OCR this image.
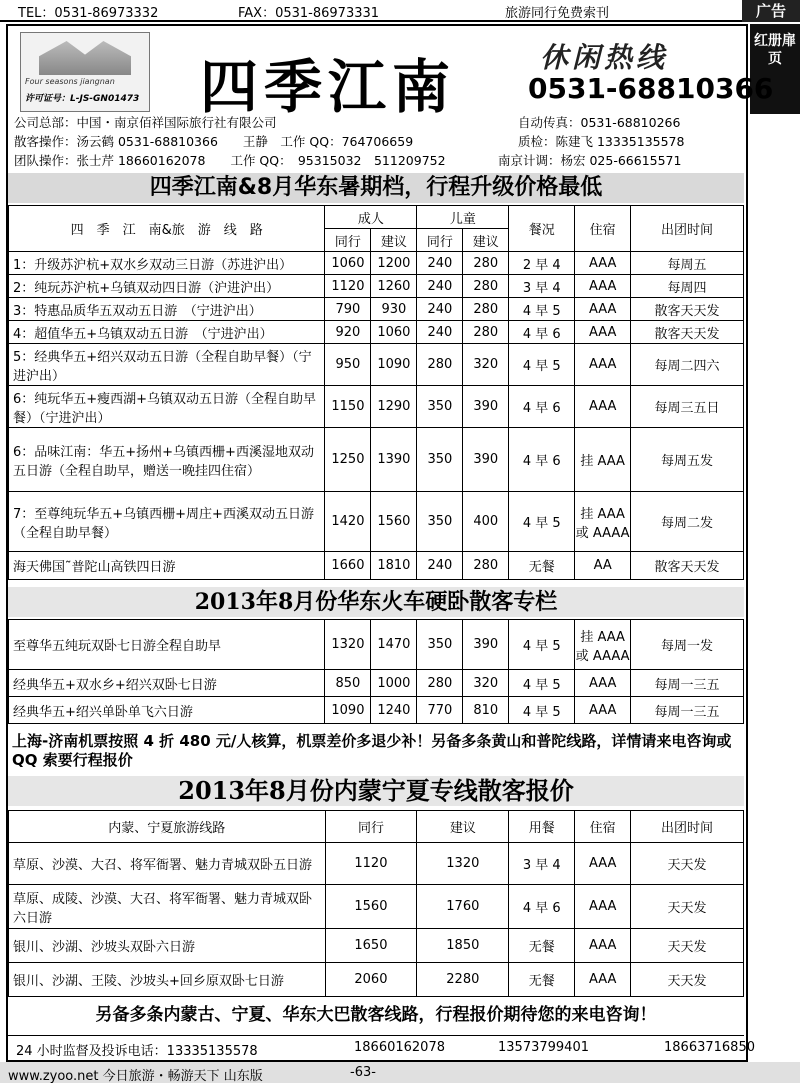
TEL：0531-86973332	FAX：0531-86973331	旅游同行免费索刊	广告
红册扉页
Four seasons jiangnan
许可证号：L-JS-GN01473 四季江南	休闲热线
0531-68810366
公司总部：中国・南京佰祥国际旅行社有限公司	自动传真：0531-68810266
散客操作：汤云鹤 0531-68810366　　王静　工作 QQ：764706659	质检：陈建飞 13335135578
团队操作：张士芹 18660162078　　工作 QQ：　95315032　511209752	南京计调：杨宏 025-66615571
四季江南&8月华东暑期档，行程升级价格最低
四　季　江　南&旅　游　线　路	成人		儿童		餐况	住宿	出团时间
	同行	建议	同行	建议			
1：升级苏沪杭+双水乡双动三日游（苏进沪出）	1060	1200	240	280	2 早 4	AAA	每周五
2：纯玩苏沪杭+乌镇双动四日游（沪进沪出）	1120	1260	240	280	3 早 4	AAA	每周四
3：特惠品质华五双动五日游　（宁进沪出）	790	930	240	280	4 早 5	AAA	散客天天发
4：超值华五+乌镇双动五日游　（宁进沪出）	920	1060	240	280	4 早 6	AAA	散客天天发
5：经典华五+绍兴双动五日游（全程自助早餐）（宁进沪出）	950	1090	280	320	4 早 5	AAA	每周二四六
6：纯玩华五+瘦西湖+乌镇双动五日游（全程自助早餐）（宁进沪出）	1150	1290	350	390	4 早 6	AAA	每周三五日
6：品味江南：华五+扬州+乌镇西栅+西溪湿地双动五日游（全程自助早，赠送一晚挂四住宿）	1250	1390	350	390	4 早 6	挂 AAA	每周五发
7：至尊纯玩华五+乌镇西栅+周庄+西溪双动五日游（全程自助早餐）	1420	1560	350	400	4 早 5	挂 AAA 或 AAAA	每周二发
海天佛国˜普陀山高铁四日游	1660	1810	240	280	无餐	AA	散客天天发
2013年8月份华东火车硬卧散客专栏
至尊华五纯玩双卧七日游全程自助早	1320	1470	350	390	4 早 5	挂 AAA 或 AAAA	每周一发
经典华五+双水乡+绍兴双卧七日游	850	1000	280	320	4 早 5	AAA	每周一三五
经典华五+绍兴单卧单飞六日游	1090	1240	770	810	4 早 5	AAA	每周一三五
上海-济南机票按照 4 折 480 元/人核算，机票差价多退少补！另备多条黄山和普陀线路，详情请来电咨询或 QQ 索要行程报价
2013年8月份内蒙宁夏专线散客报价
内蒙、宁夏旅游线路	同行	建议	用餐	住宿	出团时间
草原、沙漠、大召、将军衙署、魅力青城双卧五日游	1120	1320	3 早 4	AAA	天天发
草原、成陵、沙漠、大召、将军衙署、魅力青城双卧六日游	1560	1760	4 早 6	AAA	天天发
银川、沙湖、沙坡头双卧六日游	1650	1850	无餐	AAA	天天发
银川、沙湖、王陵、沙坡头+回乡原双卧七日游	2060	2280	无餐	AAA	天天发
另备多条内蒙古、宁夏、华东大巴散客线路，行程报价期待您的来电咨询！
24 小时监督及投诉电话：13335135578	18660162078	13573799401	18663716850
www.zyoo.net 今日旅游・畅游天下 山东版	-63-
